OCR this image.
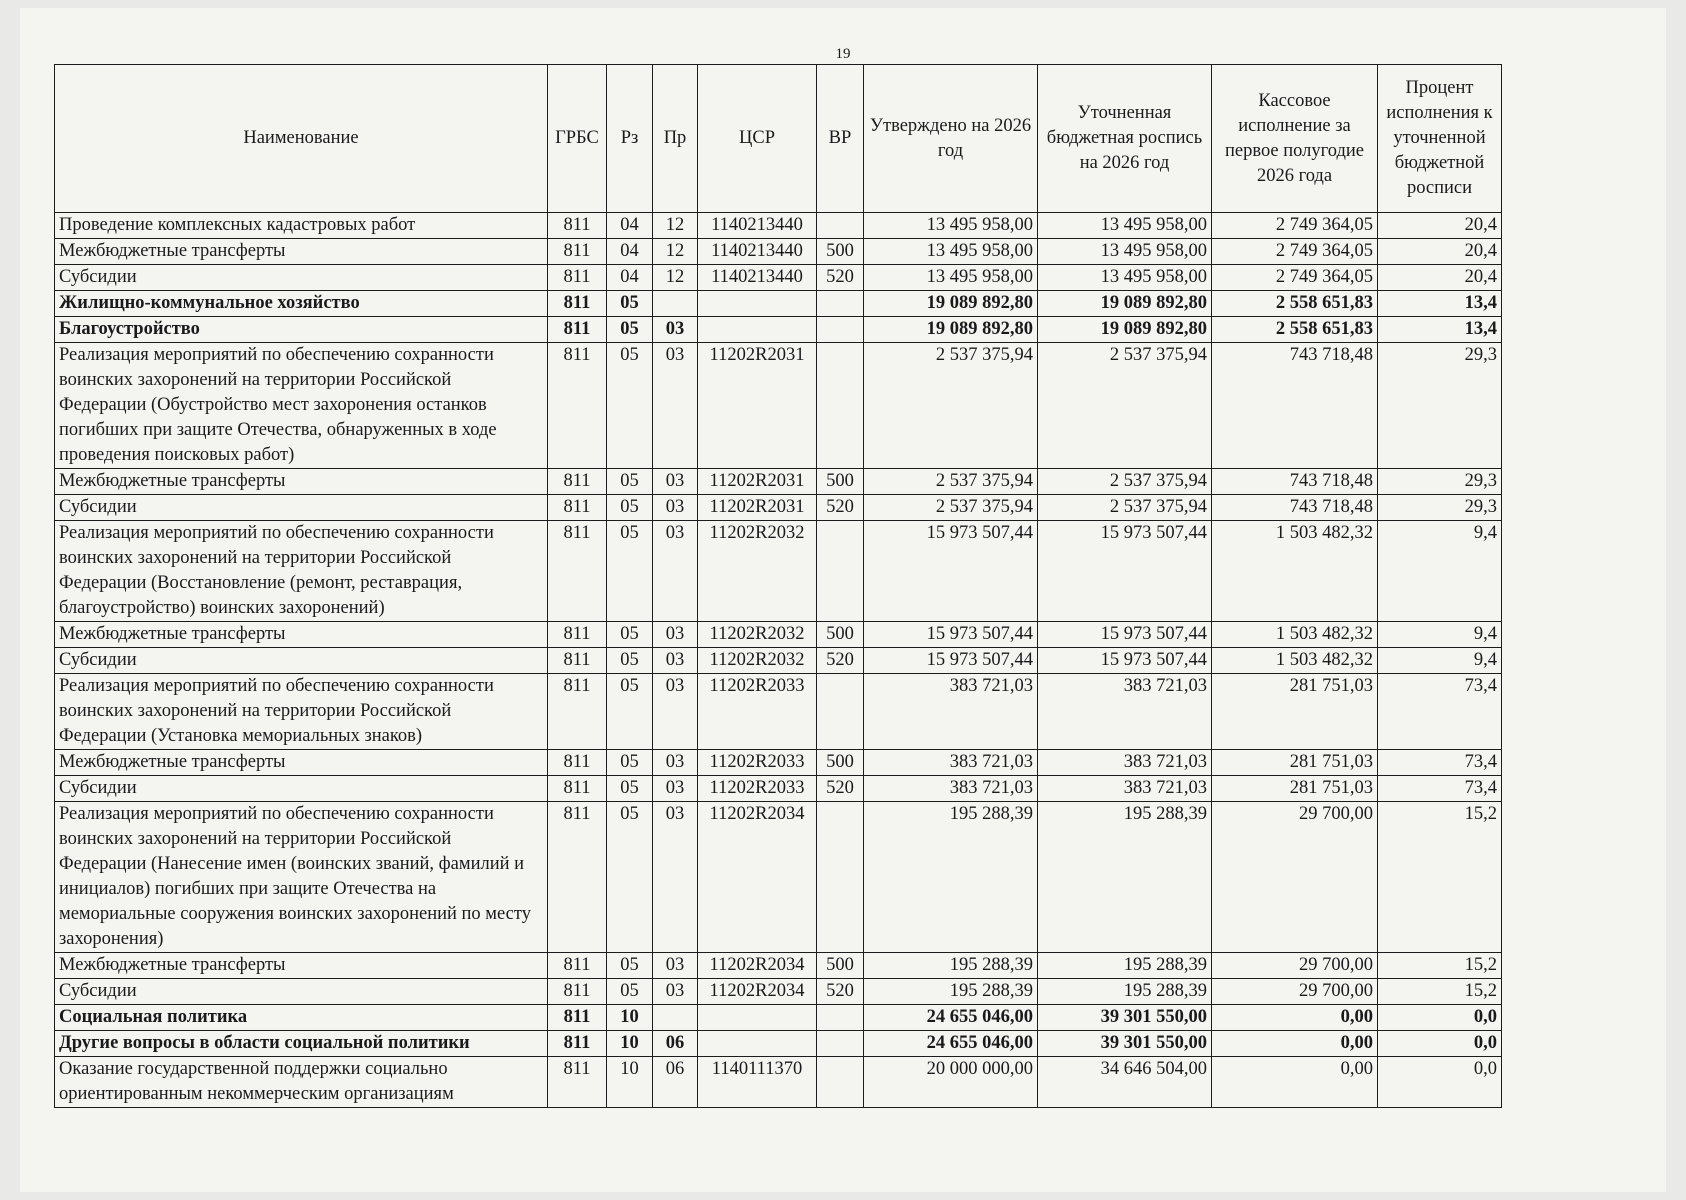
19
Наименование	ГРБС	Рз	Пр	ЦСР	ВР	Утверждено на 2026 год	Уточненная бюджетная роспись на 2026 год	Кассовое исполнение за первое полугодие 2026 года	Процент исполнения к уточненной бюджетной росписи
Проведение комплексных кадастровых работ	811	04	12	1140213440		13 495 958,00	13 495 958,00	2 749 364,05	20,4
Межбюджетные трансферты	811	04	12	1140213440	500	13 495 958,00	13 495 958,00	2 749 364,05	20,4
Субсидии	811	04	12	1140213440	520	13 495 958,00	13 495 958,00	2 749 364,05	20,4
Жилищно-коммунальное хозяйство	811	05				19 089 892,80	19 089 892,80	2 558 651,83	13,4
Благоустройство	811	05	03			19 089 892,80	19 089 892,80	2 558 651,83	13,4
Реализация мероприятий по обеспечению сохранности воинских захоронений на территории Российской Федерации (Обустройство мест захоронения останков погибших при защите Отечества, обнаруженных в ходе проведения поисковых работ)	811	05	03	11202R2031		2 537 375,94	2 537 375,94	743 718,48	29,3
Межбюджетные трансферты	811	05	03	11202R2031	500	2 537 375,94	2 537 375,94	743 718,48	29,3
Субсидии	811	05	03	11202R2031	520	2 537 375,94	2 537 375,94	743 718,48	29,3
Реализация мероприятий по обеспечению сохранности воинских захоронений на территории Российской Федерации (Восстановление (ремонт, реставрация, благоустройство) воинских захоронений)	811	05	03	11202R2032		15 973 507,44	15 973 507,44	1 503 482,32	9,4
Межбюджетные трансферты	811	05	03	11202R2032	500	15 973 507,44	15 973 507,44	1 503 482,32	9,4
Субсидии	811	05	03	11202R2032	520	15 973 507,44	15 973 507,44	1 503 482,32	9,4
Реализация мероприятий по обеспечению сохранности воинских захоронений на территории Российской Федерации (Установка мемориальных знаков)	811	05	03	11202R2033		383 721,03	383 721,03	281 751,03	73,4
Межбюджетные трансферты	811	05	03	11202R2033	500	383 721,03	383 721,03	281 751,03	73,4
Субсидии	811	05	03	11202R2033	520	383 721,03	383 721,03	281 751,03	73,4
Реализация мероприятий по обеспечению сохранности воинских захоронений на территории Российской Федерации (Нанесение имен (воинских званий, фамилий и инициалов) погибших при защите Отечества на мемориальные сооружения воинских захоронений по месту захоронения)	811	05	03	11202R2034		195 288,39	195 288,39	29 700,00	15,2
Межбюджетные трансферты	811	05	03	11202R2034	500	195 288,39	195 288,39	29 700,00	15,2
Субсидии	811	05	03	11202R2034	520	195 288,39	195 288,39	29 700,00	15,2
Социальная политика	811	10				24 655 046,00	39 301 550,00	0,00	0,0
Другие вопросы в области социальной политики	811	10	06			24 655 046,00	39 301 550,00	0,00	0,0
Оказание государственной поддержки социально ориентированным некоммерческим организациям	811	10	06	1140111370		20 000 000,00	34 646 504,00	0,00	0,0
